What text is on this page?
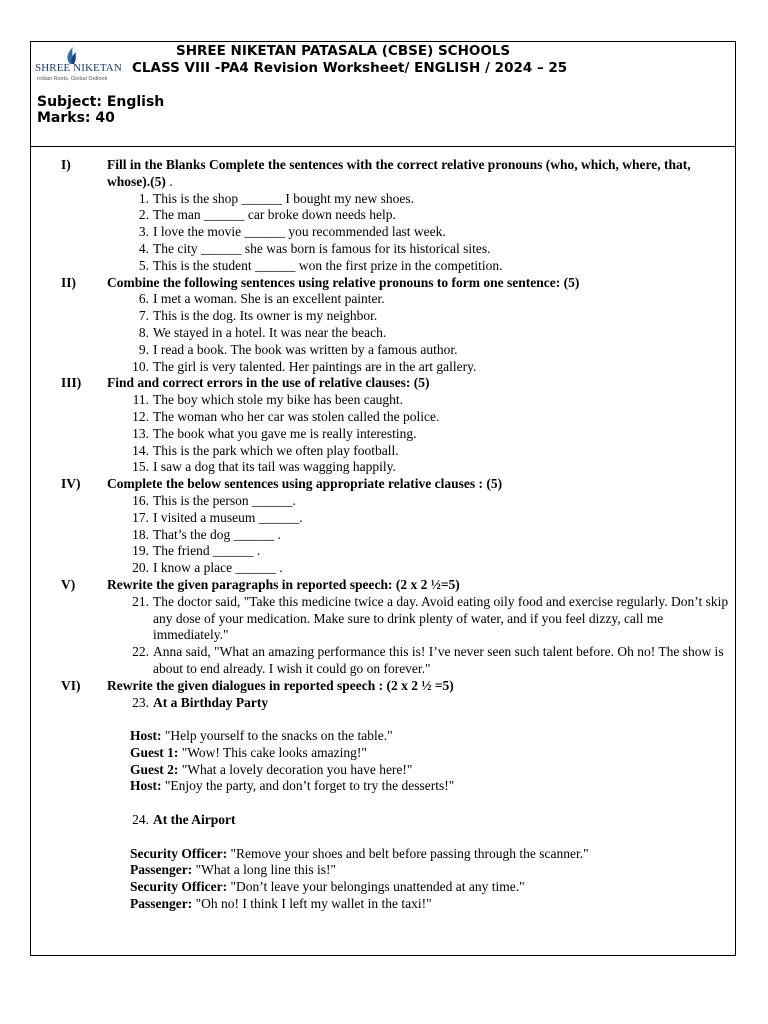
SHREE NIKETAN
Indian Roots, Global Outlook
SHREE NIKETAN PATASALA (CBSE) SCHOOLS
CLASS VIII -PA4 Revision Worksheet/ ENGLISH / 2024 – 25
Subject: English
Marks: 40
I)	Fill in the Blanks Complete the sentences with the correct relative pronouns (who, which, where, that, whose).(5) .
1. This is the shop ______ I bought my new shoes.
2. The man ______ car broke down needs help.
3. I love the movie ______ you recommended last week.
4. The city ______ she was born is famous for its historical sites.
5. This is the student ______ won the first prize in the competition.
II) Combine the following sentences using relative pronouns to form one sentence: (5)
6. I met a woman. She is an excellent painter.
7. This is the dog. Its owner is my neighbor.
8. We stayed in a hotel. It was near the beach.
9. I read a book. The book was written by a famous author.
10. The girl is very talented. Her paintings are in the art gallery.
III) Find and correct errors in the use of relative clauses: (5)
11. The boy which stole my bike has been caught.
12. The woman who her car was stolen called the police.
13. The book what you gave me is really interesting.
14. This is the park which we often play football.
15. I saw a dog that its tail was wagging happily.
IV) Complete the below sentences using appropriate relative clauses : (5)
16. This is the person ______.
17. I visited a museum ______.
18. That’s the dog ______ .
19. The friend ______ .
20. I know a place ______ .
V) Rewrite the given paragraphs in reported speech: (2 x 2 ½=5)
21. The doctor said, "Take this medicine twice a day. Avoid eating oily food and exercise regularly. Don’t skip any dose of your medication. Make sure to drink plenty of water, and if you feel dizzy, call me immediately."
22. Anna said, "What an amazing performance this is! I’ve never seen such talent before. Oh no! The show is about to end already. I wish it could go on forever."
VI) Rewrite the given dialogues in reported speech : (2 x 2 ½ =5)
23. At a Birthday Party
Host: "Help yourself to the snacks on the table."
Guest 1: "Wow! This cake looks amazing!"
Guest 2: "What a lovely decoration you have here!"
Host: "Enjoy the party, and don’t forget to try the desserts!"
24. At the Airport
Security Officer: "Remove your shoes and belt before passing through the scanner."
Passenger: "What a long line this is!"
Security Officer: "Don’t leave your belongings unattended at any time."
Passenger: "Oh no! I think I left my wallet in the taxi!"
